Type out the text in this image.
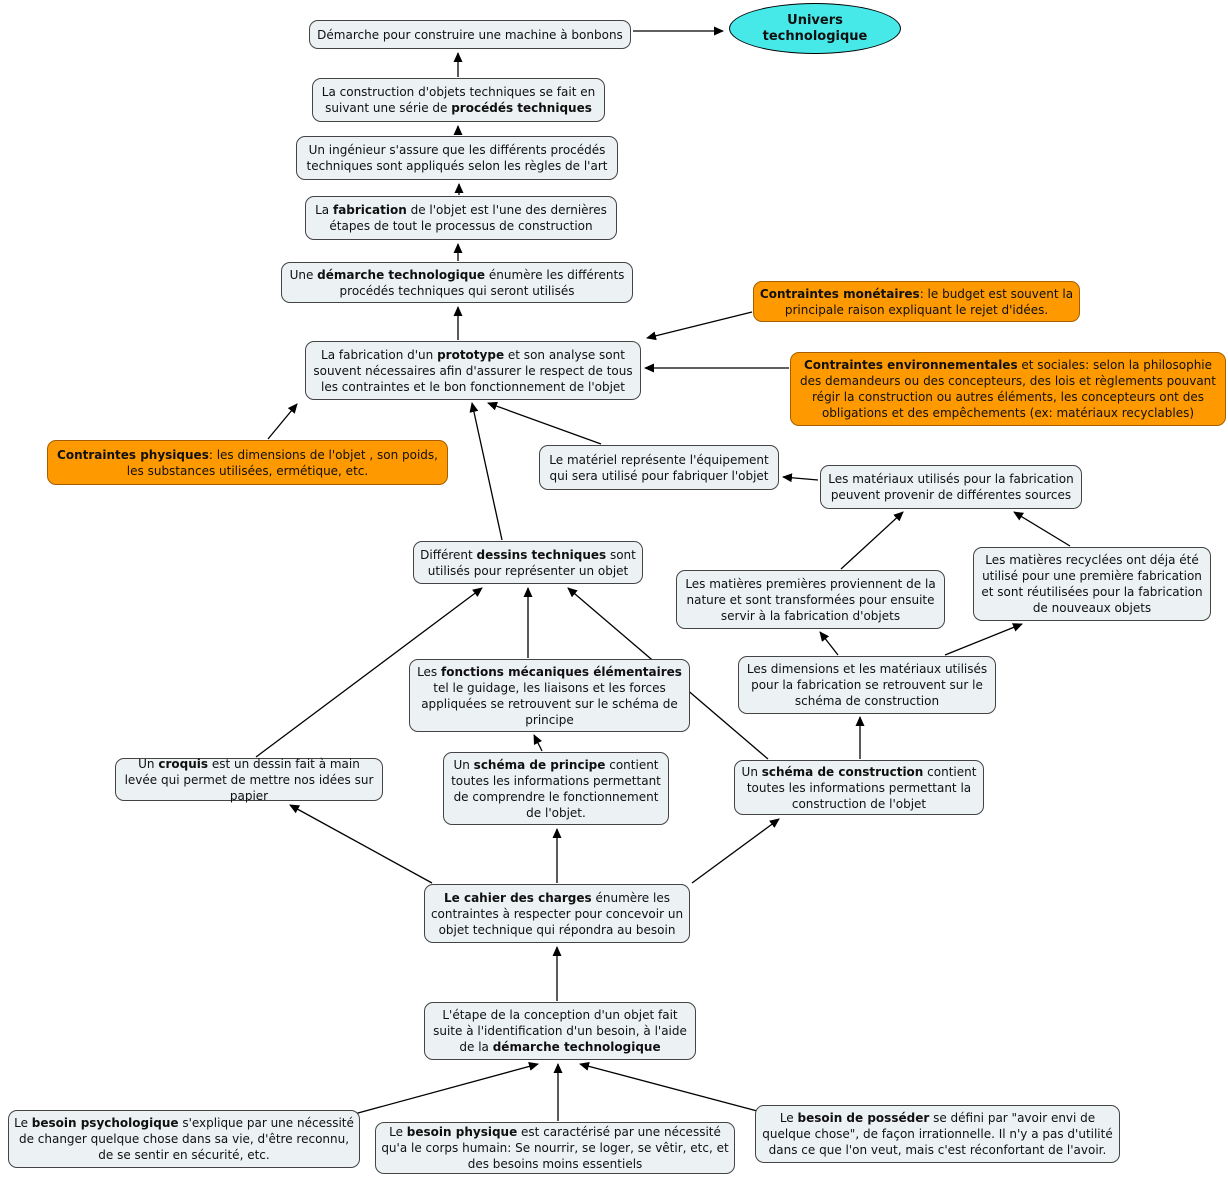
Démarche pour construire une machine à bonbons
Univers technologique
La construction d'objets techniques se fait en suivant une série de procédés techniques
Un ingénieur s'assure que les différents procédés techniques sont appliqués selon les règles de l'art
La fabrication de l'objet est l'une des dernières étapes de tout le processus de construction
Une démarche technologique énumère les différents procédés techniques qui seront utilisés	Contraintes monétaires: le budget est souvent la principale raison expliquant le rejet d'idées.
La fabrication d'un prototype et son analyse sont souvent nécessaires afin d'assurer le respect de tous les contraintes et le bon fonctionnement de l'objet
Contraintes environnementales et sociales: selon la philosophie des demandeurs ou des concepteurs, des lois et règlements pouvant régir la construction ou autres éléments, les concepteurs ont des obligations et des empêchements (ex: matériaux recyclables)
Contraintes physiques: les dimensions de l'objet , son poids, les substances utilisées, ermétique, etc.
Le matériel représente l'équipement qui sera utilisé pour fabriquer l'objet	Les matériaux utilisés pour la fabrication peuvent provenir de différentes sources
Différent dessins techniques sont utilisés pour représenter un objet
Les matières premières proviennent de la nature et sont transformées pour ensuite servir à la fabrication d'objets
Les matières recyclées ont déja été utilisé pour une première fabrication et sont réutilisées pour la fabrication de nouveaux objets
Les fonctions mécaniques élémentaires tel le guidage, les liaisons et les forces appliquées se retrouvent sur le schéma de principe
Les dimensions et les matériaux utilisés pour la fabrication se retrouvent sur le schéma de construction
Un croquis est un dessin fait à main levée qui permet de mettre nos idées sur papier
Un schéma de principe contient toutes les informations permettant de comprendre le fonctionnement de l'objet.
Un schéma de construction contient toutes les informations permettant la construction de l'objet
Le cahier des charges énumère les contraintes à respecter pour concevoir un objet technique qui répondra au besoin
L'étape de la conception d'un objet fait suite à l'identification d'un besoin, à l'aide de la démarche technologique
Le besoin psychologique s'explique par une nécessité de changer quelque chose dans sa vie, d'être reconnu, de se sentir en sécurité, etc.
Le besoin physique est caractérisé par une nécessité qu'a le corps humain: Se nourrir, se loger, se vêtir, etc, et des besoins moins essentiels
Le besoin de posséder se défini par "avoir envi de quelque chose", de façon irrationnelle. Il n'y a pas d'utilité dans ce que l'on veut, mais c'est réconfortant de l'avoir.
